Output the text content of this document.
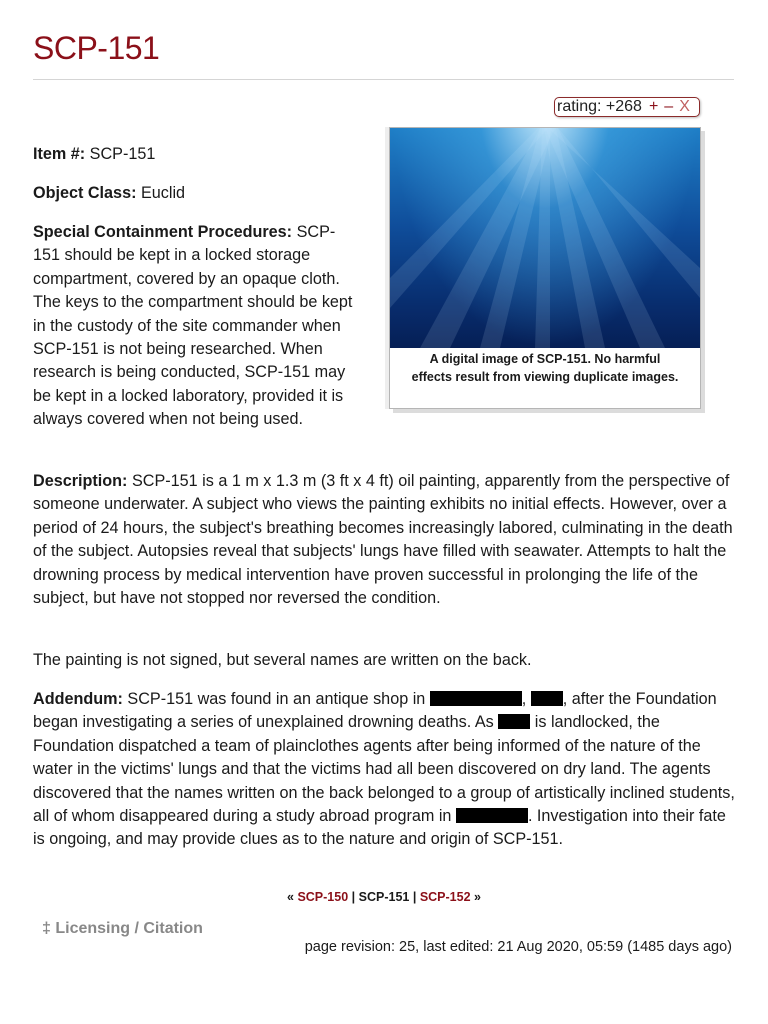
SCP-151
rating: +268 + – X
A digital image of SCP-151. No harmful effects result from viewing duplicate images.

Item #: SCP-151

Object Class: Euclid

Special Containment Procedures: SCP-151 should be kept in a locked storage compartment, covered by an opaque cloth. The keys to the compartment should be kept in the custody of the site commander when SCP-151 is not being researched. When research is being conducted, SCP-151 may be kept in a locked laboratory, provided it is always covered when not being used.

Description: SCP-151 is a 1 m x 1.3 m (3 ft x 4 ft) oil painting, apparently from the perspective of someone underwater. A subject who views the painting exhibits no initial effects. However, over a period of 24 hours, the subject's breathing becomes increasingly labored, culminating in the death of the subject. Autopsies reveal that subjects' lungs have filled with seawater. Attempts to halt the drowning process by medical intervention have proven successful in prolonging the life of the subject, but have not stopped nor reversed the condition.

The painting is not signed, but several names are written on the back.

Addendum: SCP-151 was found in an antique shop in	, , after the Foundation began investigating a series of unexplained drowning deaths. As  is landlocked, the Foundation dispatched a team of plainclothes agents after being informed of the nature of the water in the victims' lungs and that the victims had all been discovered on dry land. The agents discovered that the names written on the back belonged to a group of artistically inclined students, all of whom disappeared during a study abroad program in	. Investigation into their fate is ongoing, and may provide clues as to the nature and origin of SCP-151.

« SCP-150 | SCP-151 | SCP-152 »
‡ Licensing / Citation
page revision: 25, last edited: 21 Aug 2020, 05:59 (1485 days ago)
